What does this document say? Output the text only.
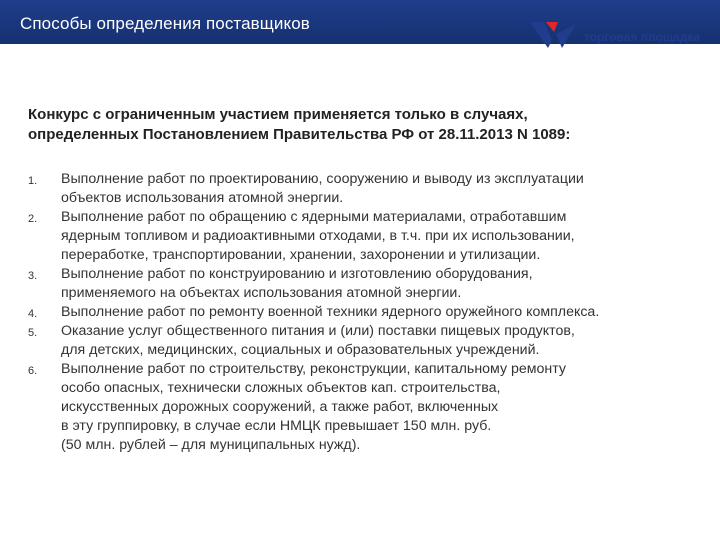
Способы определения поставщиков
торговая площадка
Конкурс с ограниченным участием применяется только в случаях,
определенных Постановлением Правительства РФ от 28.11.2013 N 1089:
1. Выполнение работ по проектированию, сооружению и выводу из эксплуатации
объектов использования атомной энергии.
2. Выполнение работ по обращению с ядерными материалами, отработавшим
ядерным топливом и радиоактивными отходами, в т.ч. при их использовании,
переработке, транспортировании, хранении, захоронении и утилизации.
3. Выполнение работ по конструированию и изготовлению оборудования,
применяемого на объектах использования атомной энергии.
4. Выполнение работ по ремонту военной техники ядерного оружейного комплекса.
5. Оказание услуг общественного питания и (или) поставки пищевых продуктов,
для детских, медицинских, социальных и образовательных учреждений.
6. Выполнение работ по строительству, реконструкции, капитальному ремонту
особо опасных, технически сложных объектов кап. строительства,
искусственных дорожных сооружений, а также работ, включенных
в эту группировку, в случае если НМЦК превышает 150 млн. руб.
(50 млн. рублей – для муниципальных нужд).
